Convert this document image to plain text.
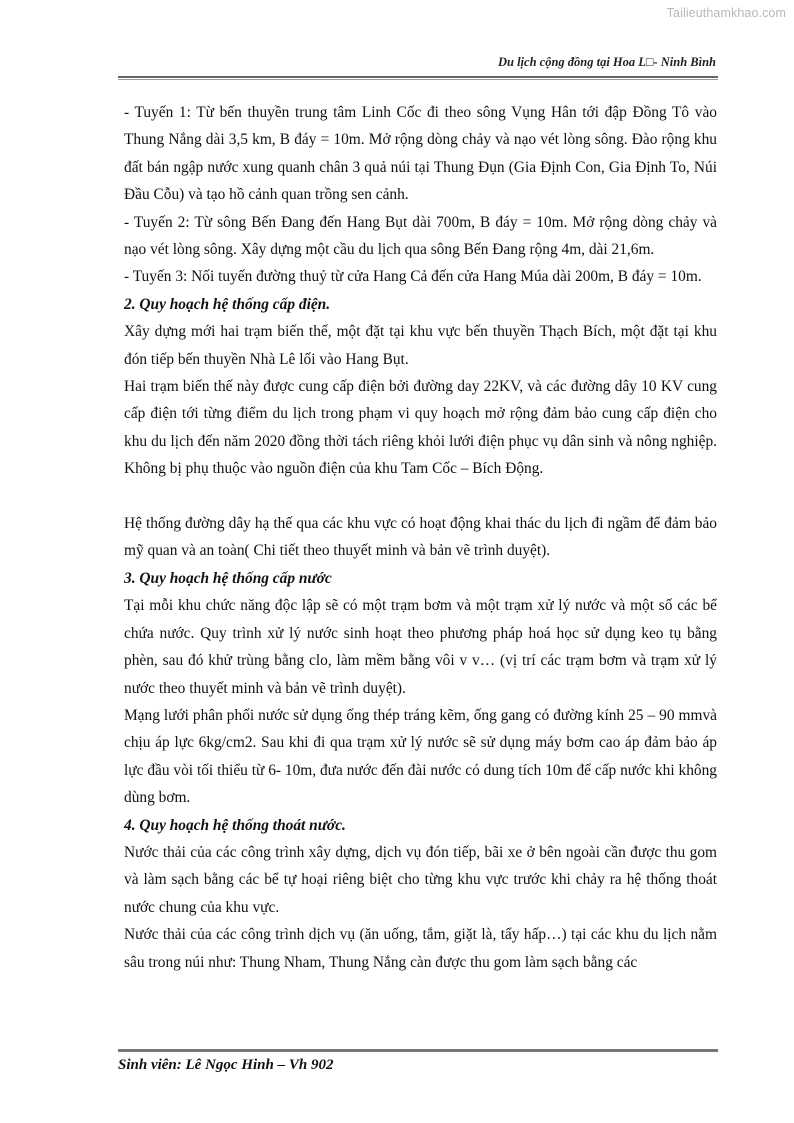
Tailieuthamkhao.com
Du lịch cộng đồng tại Hoa L□- Ninh Bình

- Tuyến 1: Từ bến thuyền trung tâm Linh Cốc đi theo sông Vụng Hân tới đập Đồng Tô vào Thung Nắng dài 3,5 km, B đáy = 10m. Mở rộng dòng chảy và nạo vét lòng sông. Đào rộng khu đất bán ngập nước xung quanh chân 3 quả núi tại Thung Đụn (Gia Định Con, Gia Định To, Núi Đầu Cỗu) và tạo hồ cảnh quan trồng sen cảnh.

- Tuyến 2: Từ sông Bến Đang đến Hang Bụt dài 700m, B đáy = 10m. Mở rộng dòng chảy và nạo vét lòng sông. Xây dựng một cầu du lịch qua sông Bến Đang rộng 4m, dài 21,6m.

- Tuyến 3: Nối tuyến đường thuỷ từ cửa Hang Cả đến cửa Hang Múa dài 200m, B đáy = 10m.

2. Quy hoạch hệ thống cấp điện.

Xây dựng mới hai trạm biến thế, một đặt tại khu vực bến thuyền Thạch Bích, một đặt tại khu đón tiếp bến thuyền Nhà Lê lối vào Hang Bụt.

Hai trạm biến thế này được cung cấp điện bởi đường day 22KV, và các đường dây 10 KV cung cấp điện tới từng điểm du lịch trong phạm vi quy hoạch mở rộng đảm bảo cung cấp điện cho khu du lịch đến năm 2020 đồng thời tách riêng khỏi lưới điện phục vụ dân sinh và nông nghiệp. Không bị phụ thuộc vào nguồn điện của khu Tam Cốc – Bích Động.

Hệ thống đường dây hạ thế qua các khu vực có hoạt động khai thác du lịch đi ngầm để đảm bảo mỹ quan và an toàn( Chi tiết theo thuyết minh và bản vẽ trình duyệt).

3. Quy hoạch hệ thống cấp nước

Tại mỗi khu chức năng độc lập sẽ có một trạm bơm và một trạm xử lý nước và một số các bể chứa nước. Quy trình xử lý nước sinh hoạt theo phương pháp hoá học sử dụng keo tụ bằng phèn, sau đó khử trùng bằng clo, làm mềm bằng vôi v v… (vị trí các trạm bơm và trạm xử lý nước theo thuyết minh và bản vẽ trình duyệt).

Mạng lưới phân phối nước sử dụng ống thép tráng kẽm, ống gang có đường kính 25 – 90 mmvà chịu áp lực 6kg/cm2. Sau khi đi qua trạm xử lý nước sẽ sử dụng máy bơm cao áp đảm bảo áp lực đầu vòi tối thiểu từ 6- 10m, đưa nước đến đài nước có dung tích 10m để cấp nước khi không dùng bơm.

4. Quy hoạch hệ thống thoát nước.

Nước thải của các công trình xây dựng, dịch vụ đón tiếp, bãi xe ở bên ngoài cần được thu gom và làm sạch bằng các bể tự hoại riêng biệt cho từng khu vực trước khi chảy ra hệ thống thoát nước chung của khu vực.

Nước thải của các công trình dịch vụ (ăn uống, tắm, giặt là, tẩy hấp…) tại các khu du lịch nằm sâu trong núi như: Thung Nham, Thung Nắng càn được thu gom làm sạch bằng các

Sinh viên: Lê Ngọc Hinh – Vh 902
